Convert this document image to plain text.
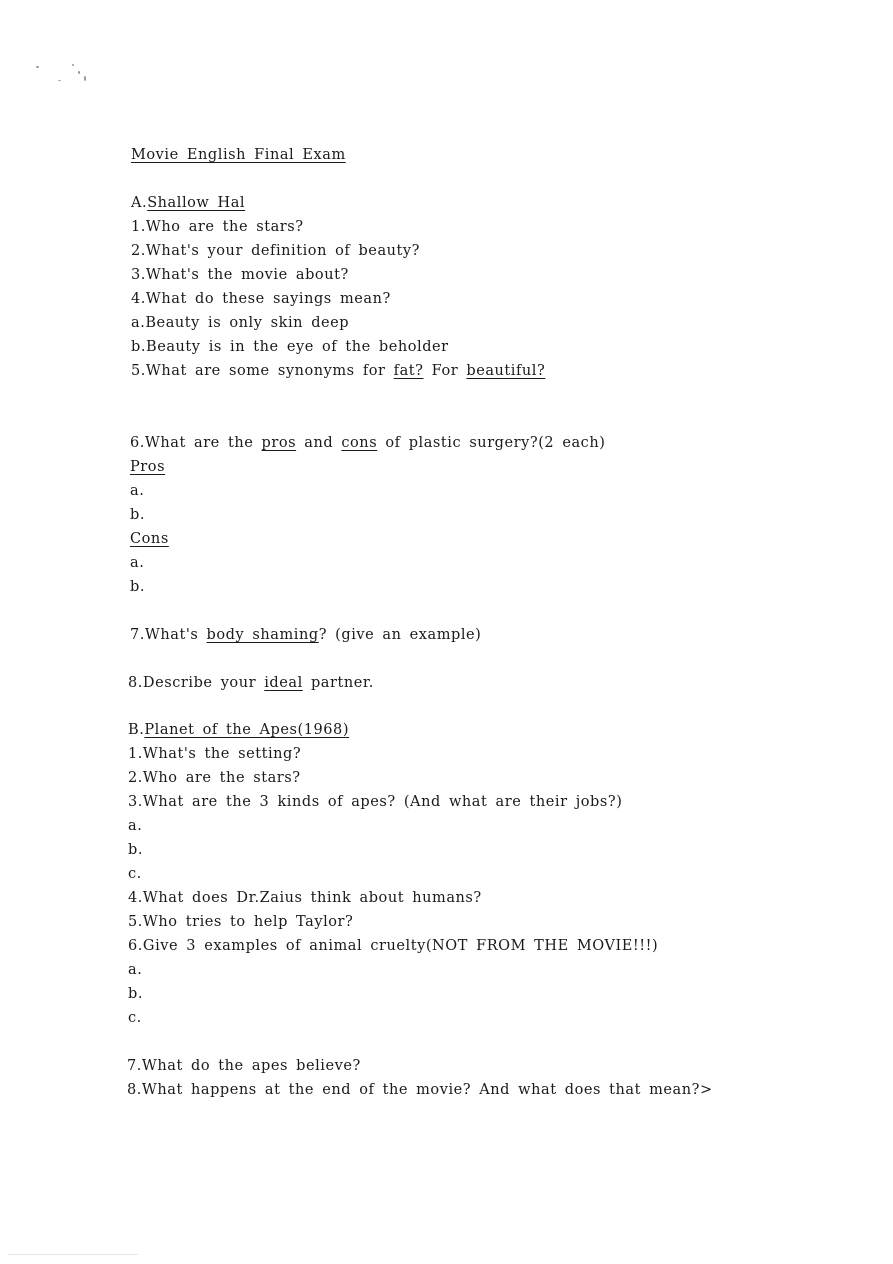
Movie English Final Exam
A.Shallow Hal
1.Who are the stars?
2.What's your definition of beauty?
3.What's the movie about?
4.What do these sayings mean?
a.Beauty is only skin deep
b.Beauty is in the eye of the beholder
5.What are some synonyms for fat? For beautiful?
6.What are the pros and cons of plastic surgery?(2 each)
Pros
a.
b.
Cons
a.
b.
7.What's body shaming? (give an example)
8.Describe your ideal partner.
B.Planet of the Apes(1968)
1.What's the setting?
2.Who are the stars?
3.What are the 3 kinds of apes? (And what are their jobs?)
a.
b.
c.
4.What does Dr.Zaius think about humans?
5.Who tries to help Taylor?
6.Give 3 examples of animal cruelty(NOT FROM THE MOVIE!!!)
a.
b.
c.
7.What do the apes believe?
8.What happens at the end of the movie? And what does that mean?>
